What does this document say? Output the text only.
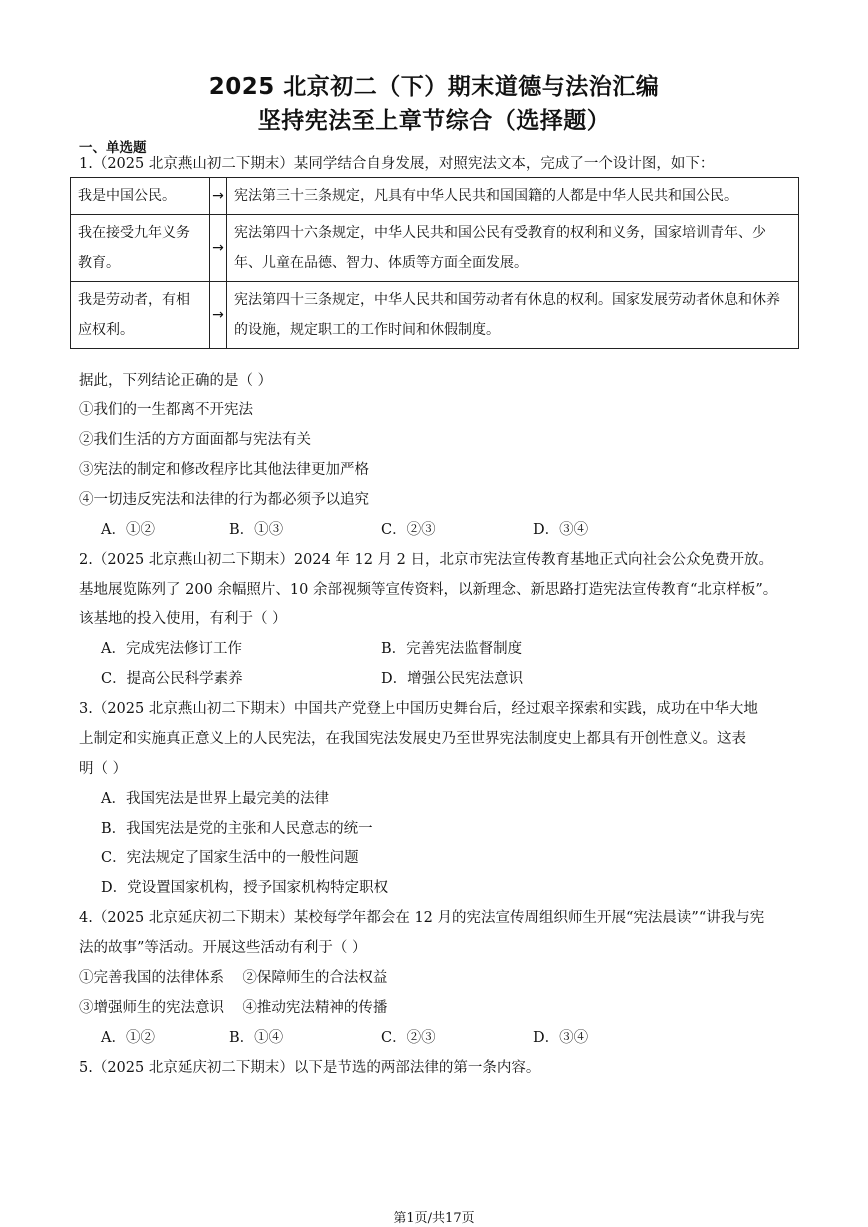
2025 北京初二（下）期末道德与法治汇编
坚持宪法至上章节综合（选择题）
一、单选题
1.（2025 北京燕山初二下期末）某同学结合自身发展，对照宪法文本，完成了一个设计图，如下：
我是中国公民。	→	宪法第三十三条规定，凡具有中华人民共和国国籍的人都是中华人民共和国公民。
我在接受九年义务教育。	→	宪法第四十六条规定，中华人民共和国公民有受教育的权利和义务，国家培训青年、少年、儿童在品德、智力、体质等方面全面发展。
我是劳动者，有相应权利。	→	宪法第四十三条规定，中华人民共和国劳动者有休息的权利。国家发展劳动者休息和休养的设施，规定职工的工作时间和休假制度。
据此，下列结论正确的是（ ）
①我们的一生都离不开宪法
②我们生活的方方面面都与宪法有关
③宪法的制定和修改程序比其他法律更加严格
④一切违反宪法和法律的行为都必须予以追究
A．①②	B．①③	C．②③	D．③④
2.（2025 北京燕山初二下期末）2024 年 12 月 2 日，北京市宪法宣传教育基地正式向社会公众免费开放。
基地展览陈列了 200 余幅照片、10 余部视频等宣传资料，以新理念、新思路打造宪法宣传教育“北京样板”。
该基地的投入使用，有利于（ ）
A．完成宪法修订工作	B．完善宪法监督制度
C．提高公民科学素养	D．增强公民宪法意识
3.（2025 北京燕山初二下期末）中国共产党登上中国历史舞台后，经过艰辛探索和实践，成功在中华大地
上制定和实施真正意义上的人民宪法，在我国宪法发展史乃至世界宪法制度史上都具有开创性意义。这表
明（ ）
A．我国宪法是世界上最完美的法律
B．我国宪法是党的主张和人民意志的统一
C．宪法规定了国家生活中的一般性问题
D．党设置国家机构，授予国家机构特定职权
4.（2025 北京延庆初二下期末）某校每学年都会在 12 月的宪法宣传周组织师生开展“宪法晨读”“讲我与宪
法的故事”等活动。开展这些活动有利于（ ）
①完善我国的法律体系    ②保障师生的合法权益
③增强师生的宪法意识    ④推动宪法精神的传播
A．①②	B．①④	C．②③	D．③④
5.（2025 北京延庆初二下期末）以下是节选的两部法律的第一条内容。
第1页/共17页
